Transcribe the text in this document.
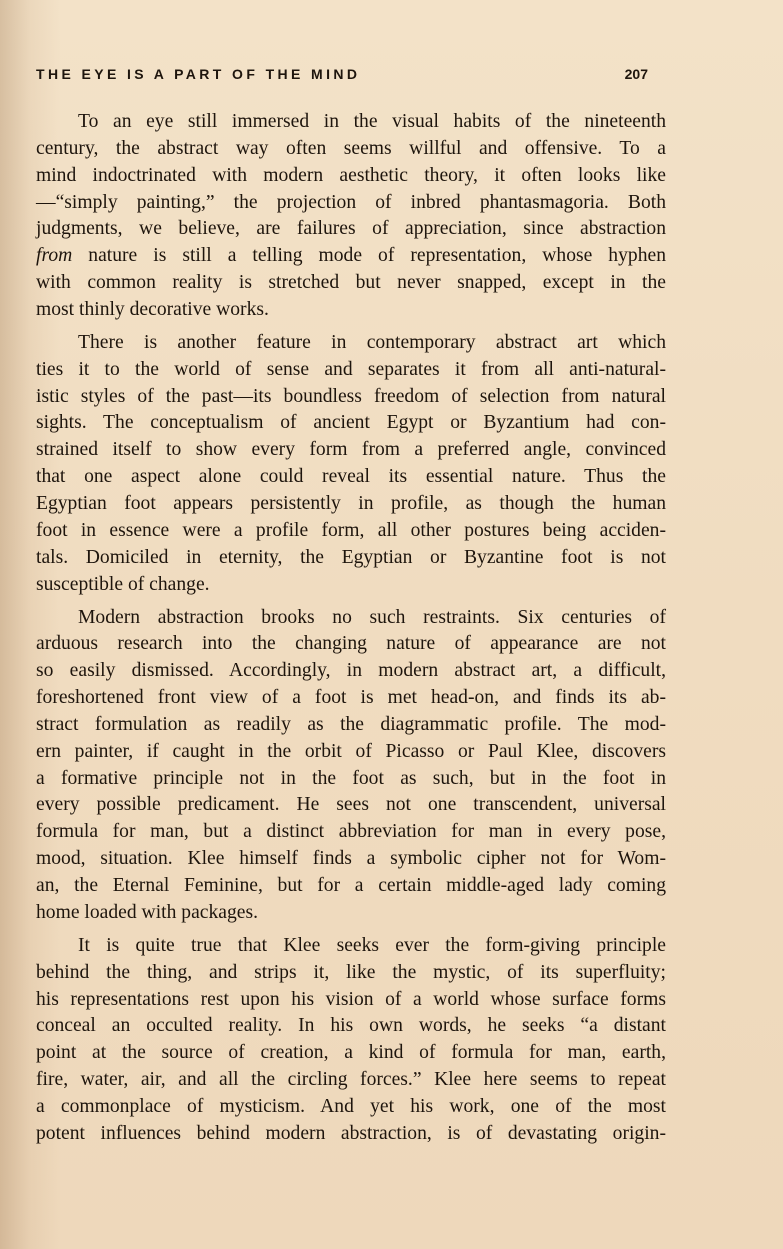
THE EYE IS A PART OF THE MIND	207
To an eye still immersed in the visual habits of the nineteenth
century, the abstract way often seems willful and offensive. To a
mind indoctrinated with modern aesthetic theory, it often looks like
—“simply painting,” the projection of inbred phantasmagoria. Both
judgments, we believe, are failures of appreciation, since abstraction
from nature is still a telling mode of representation, whose hyphen
with common reality is stretched but never snapped, except in the
most thinly decorative works.
There is another feature in contemporary abstract art which
ties it to the world of sense and separates it from all anti-natural-
istic styles of the past—its boundless freedom of selection from natural
sights. The conceptualism of ancient Egypt or Byzantium had con-
strained itself to show every form from a preferred angle, convinced
that one aspect alone could reveal its essential nature. Thus the
Egyptian foot appears persistently in profile, as though the human
foot in essence were a profile form, all other postures being acciden-
tals. Domiciled in eternity, the Egyptian or Byzantine foot is not
susceptible of change.
Modern abstraction brooks no such restraints. Six centuries of
arduous research into the changing nature of appearance are not
so easily dismissed. Accordingly, in modern abstract art, a difficult,
foreshortened front view of a foot is met head-on, and finds its ab-
stract formulation as readily as the diagrammatic profile. The mod-
ern painter, if caught in the orbit of Picasso or Paul Klee, discovers
a formative principle not in the foot as such, but in the foot in
every possible predicament. He sees not one transcendent, universal
formula for man, but a distinct abbreviation for man in every pose,
mood, situation. Klee himself finds a symbolic cipher not for Wom-
an, the Eternal Feminine, but for a certain middle-aged lady coming
home loaded with packages.
It is quite true that Klee seeks ever the form-giving principle
behind the thing, and strips it, like the mystic, of its superfluity;
his representations rest upon his vision of a world whose surface forms
conceal an occulted reality. In his own words, he seeks “a distant
point at the source of creation, a kind of formula for man, earth,
fire, water, air, and all the circling forces.” Klee here seems to repeat
a commonplace of mysticism. And yet his work, one of the most
potent influences behind modern abstraction, is of devastating origin-
